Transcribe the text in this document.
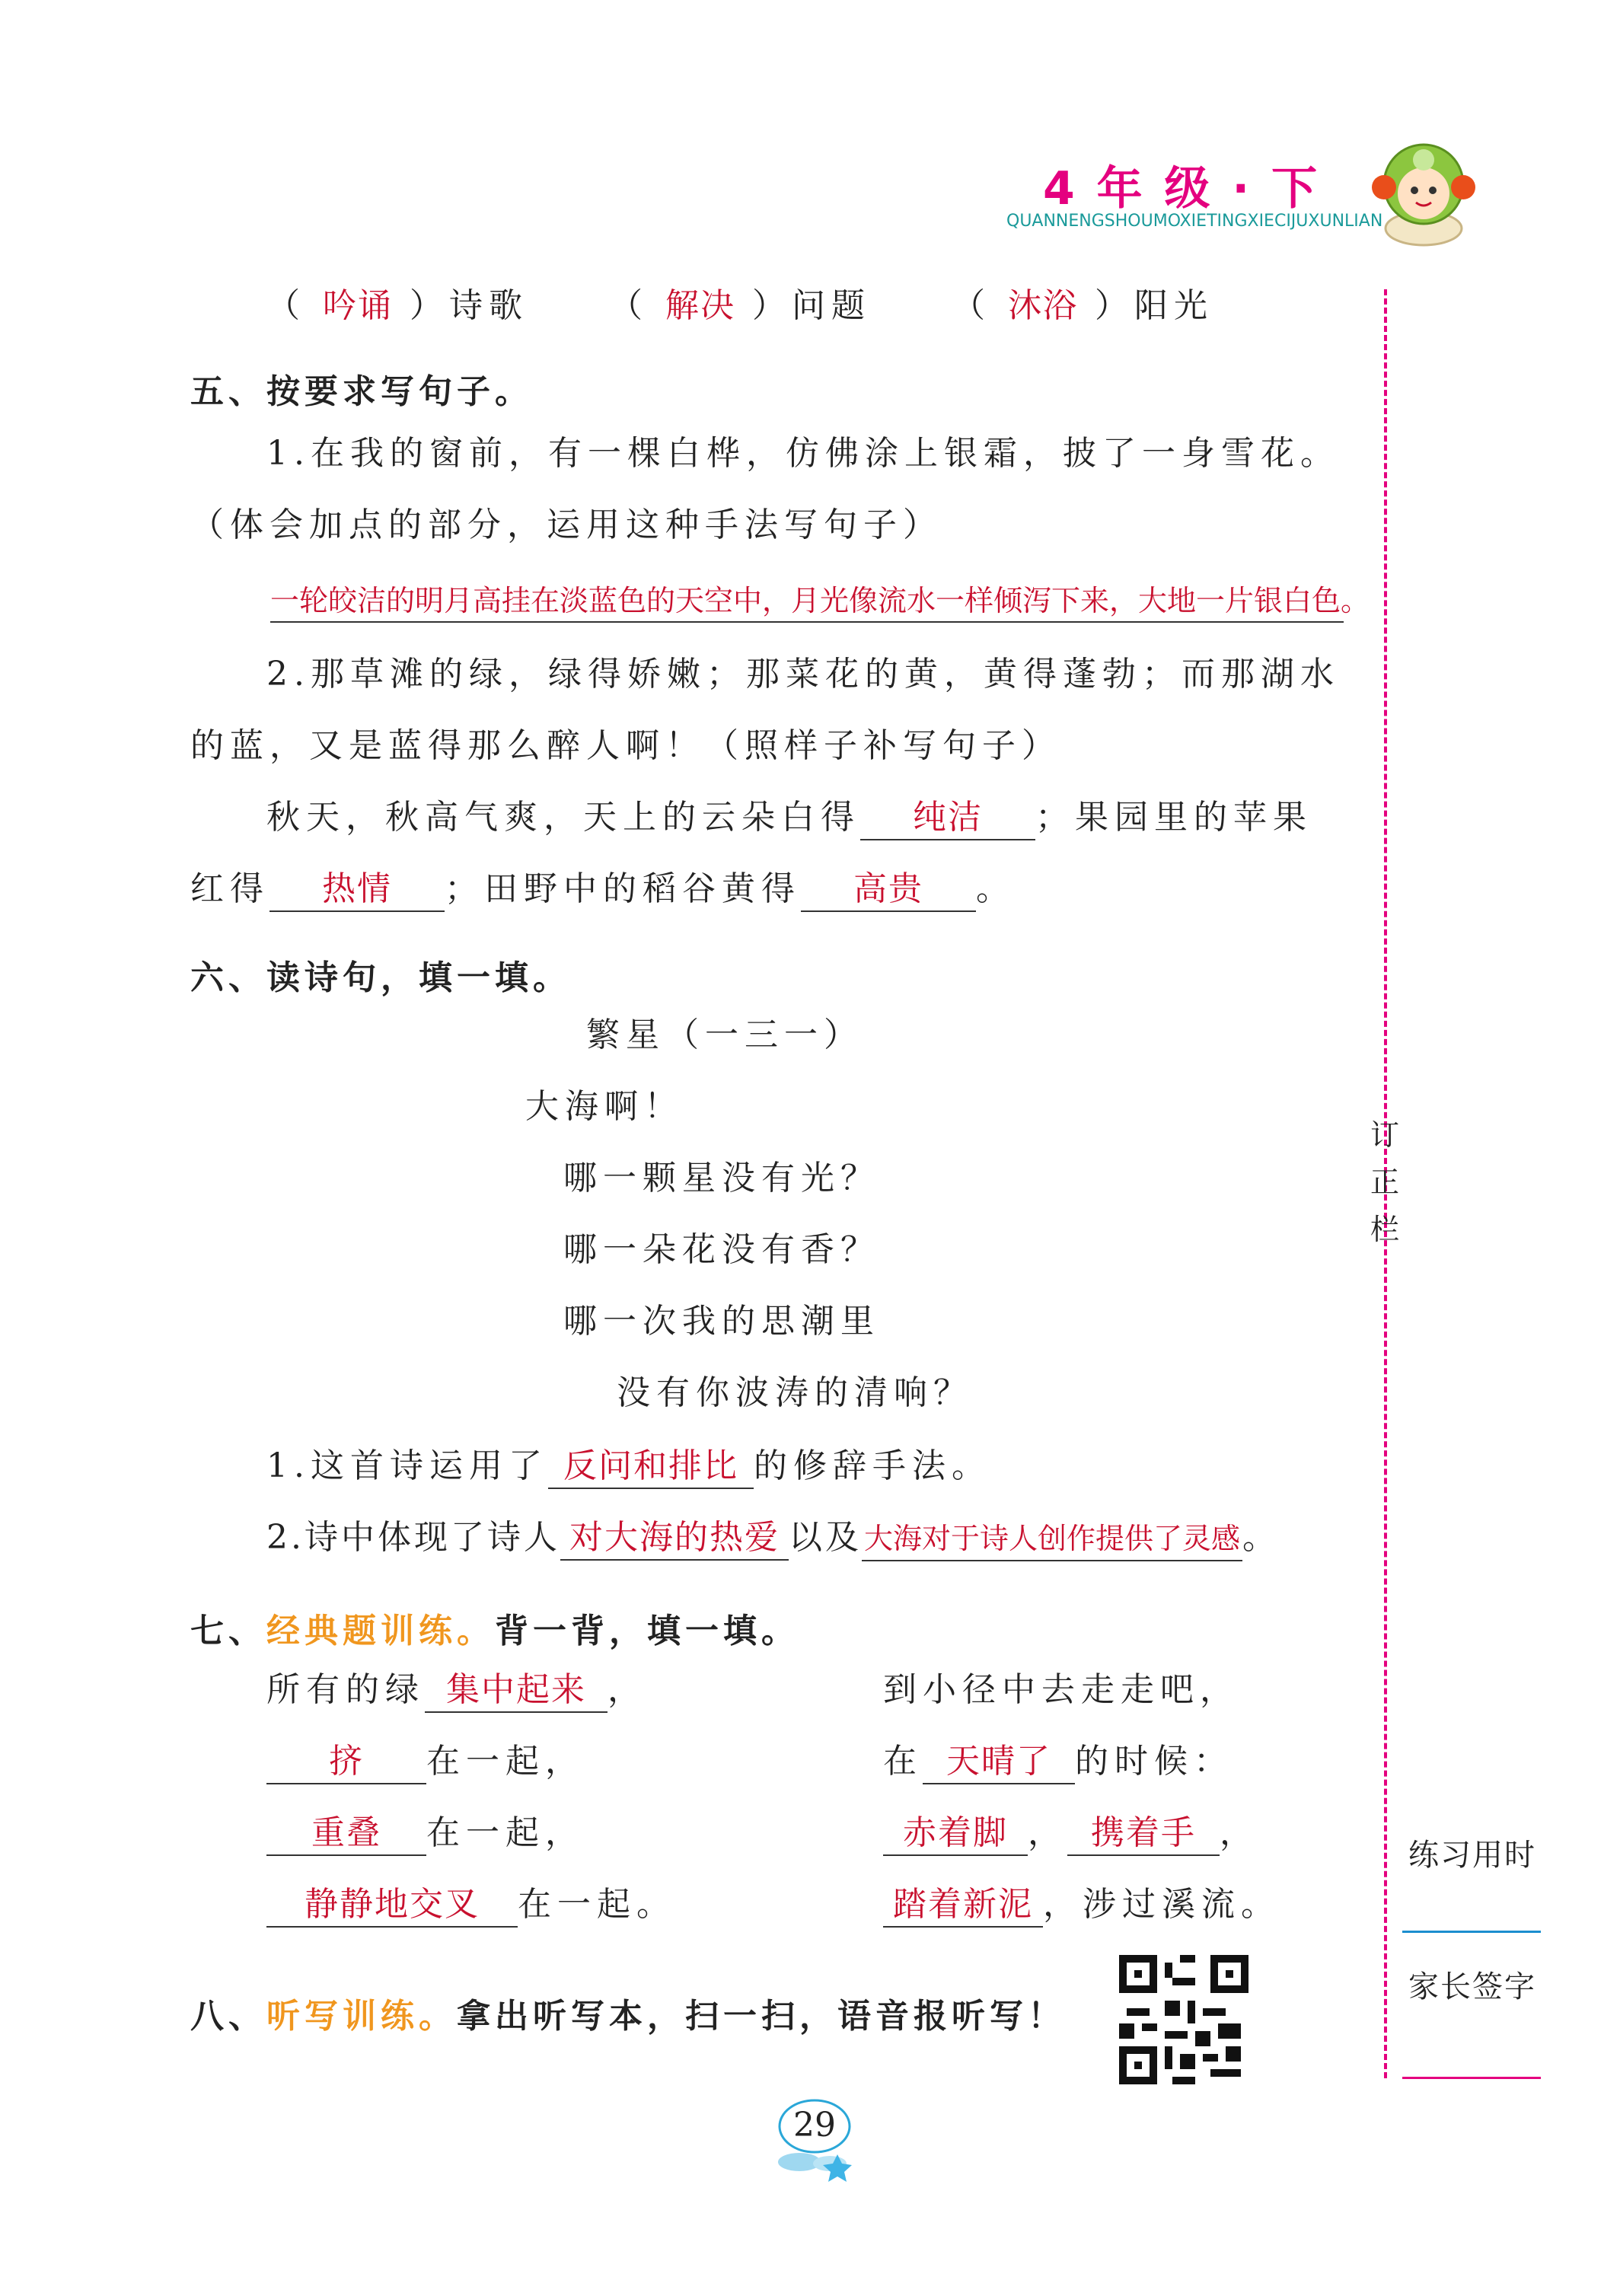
4 年 级 · 下
QUANNENGSHOUMOXIETINGXIECIJUXUNLIAN
订
正
栏
练习用时
家长签字
（ 吟诵 ）诗歌 （ 解决 ）问题 （ 沐浴 ）阳光
五、按要求写句子。
1.在我的窗前，有一棵白桦，仿佛涂上银霜，披了一身雪花。
（体会加点的部分，运用这种手法写句子）
一轮皎洁的明月高挂在淡蓝色的天空中，月光像流水一样倾泻下来，大地一片银白色。
2.那草滩的绿，绿得娇嫩；那菜花的黄，黄得蓬勃；而那湖水
的蓝，又是蓝得那么醉人啊！（照样子补写句子）
秋天，秋高气爽，天上的云朵白得 纯洁 ；果园里的苹果
红得 热情 ；田野中的稻谷黄得 高贵 。
六、读诗句，填一填。
繁星（一三一）
大海啊！
哪一颗星没有光？
哪一朵花没有香？
哪一次我的思潮里
没有你波涛的清响？
1.这首诗运用了 反问和排比 的修辞手法。
2.诗中体现了诗人 对大海的热爱 以及大海对于诗人创作提供了灵感。
七、经典题训练。背一背，填一填。
所有的绿 集中起来 ，
挤 在一起，
重叠 在一起，
静静地交叉 在一起。
到小径中去走走吧，
在 天晴了 的时候：
赤着脚 ， 携着手 ，
踏着新泥 ，涉过溪流。
八、听写训练。拿出听写本，扫一扫，语音报听写！
29
